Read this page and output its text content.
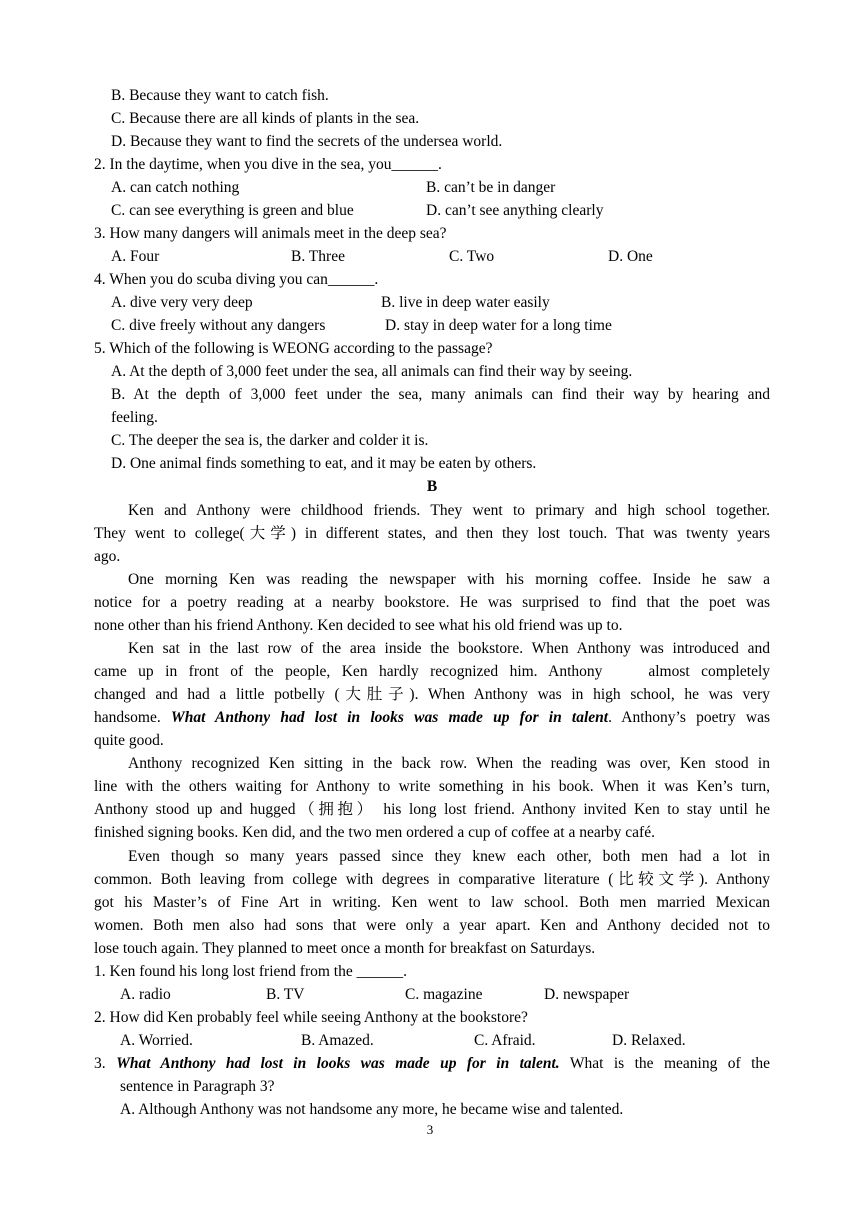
B. Because they want to catch fish.
C. Because there are all kinds of plants in the sea.
D. Because they want to find the secrets of the undersea world.
2. In the daytime, when you dive in the sea, you______.
A. can catch nothing	B. can’t be in danger
C. can see everything is green and blue	D. can’t see anything clearly
3. How many dangers will animals meet in the deep sea?
A. Four	B. Three	C. Two	D. One
4. When you do scuba diving you can______.
A. dive very very deep	B. live in deep water easily
C. dive freely without any dangers	D. stay in deep water for a long time
5. Which of the following is WEONG according to the passage?
A. At the depth of 3,000 feet under the sea, all animals can find their way by seeing.
B. At the depth of 3,000 feet under the sea, many animals can find their way by hearing and
feeling.
C. The deeper the sea is, the darker and colder it is.
D. One animal finds something to eat, and it may be eaten by others.
B
Ken and Anthony were childhood friends. They went to primary and high school together.
They went to college(大学) in different states, and then they lost touch. That was twenty years
ago.
One morning Ken was reading the newspaper with his morning coffee. Inside he saw a
notice for a poetry reading at a nearby bookstore. He was surprised to find that the poet was
none other than his friend Anthony. Ken decided to see what his old friend was up to.
Ken sat in the last row of the area inside the bookstore. When Anthony was introduced and
came up in front of the people, Ken hardly recognized him. Anthony    almost completely
changed and had a little potbelly (大肚子). When Anthony was in high school, he was very
handsome. What Anthony had lost in looks was made up for in talent. Anthony’s poetry was
quite good.
Anthony recognized Ken sitting in the back row. When the reading was over, Ken stood in
line with the others waiting for Anthony to write something in his book. When it was Ken’s turn,
Anthony stood up and hugged（拥抱） his long lost friend. Anthony invited Ken to stay until he
finished signing books. Ken did, and the two men ordered a cup of coffee at a nearby café.
Even though so many years passed since they knew each other, both men had a lot in
common. Both leaving from college with degrees in comparative literature (比较文学). Anthony
got his Master’s of Fine Art in writing. Ken went to law school. Both men married Mexican
women. Both men also had sons that were only a year apart. Ken and Anthony decided not to
lose touch again. They planned to meet once a month for breakfast on Saturdays.
1. Ken found his long lost friend from the ______.
A. radio	B. TV	C. magazine	D. newspaper
2. How did Ken probably feel while seeing Anthony at the bookstore?
A. Worried.	B. Amazed.	C. Afraid.	D. Relaxed.
3. What Anthony had lost in looks was made up for in talent. What is the meaning of the
sentence in Paragraph 3?
A. Although Anthony was not handsome any more, he became wise and talented.
3
